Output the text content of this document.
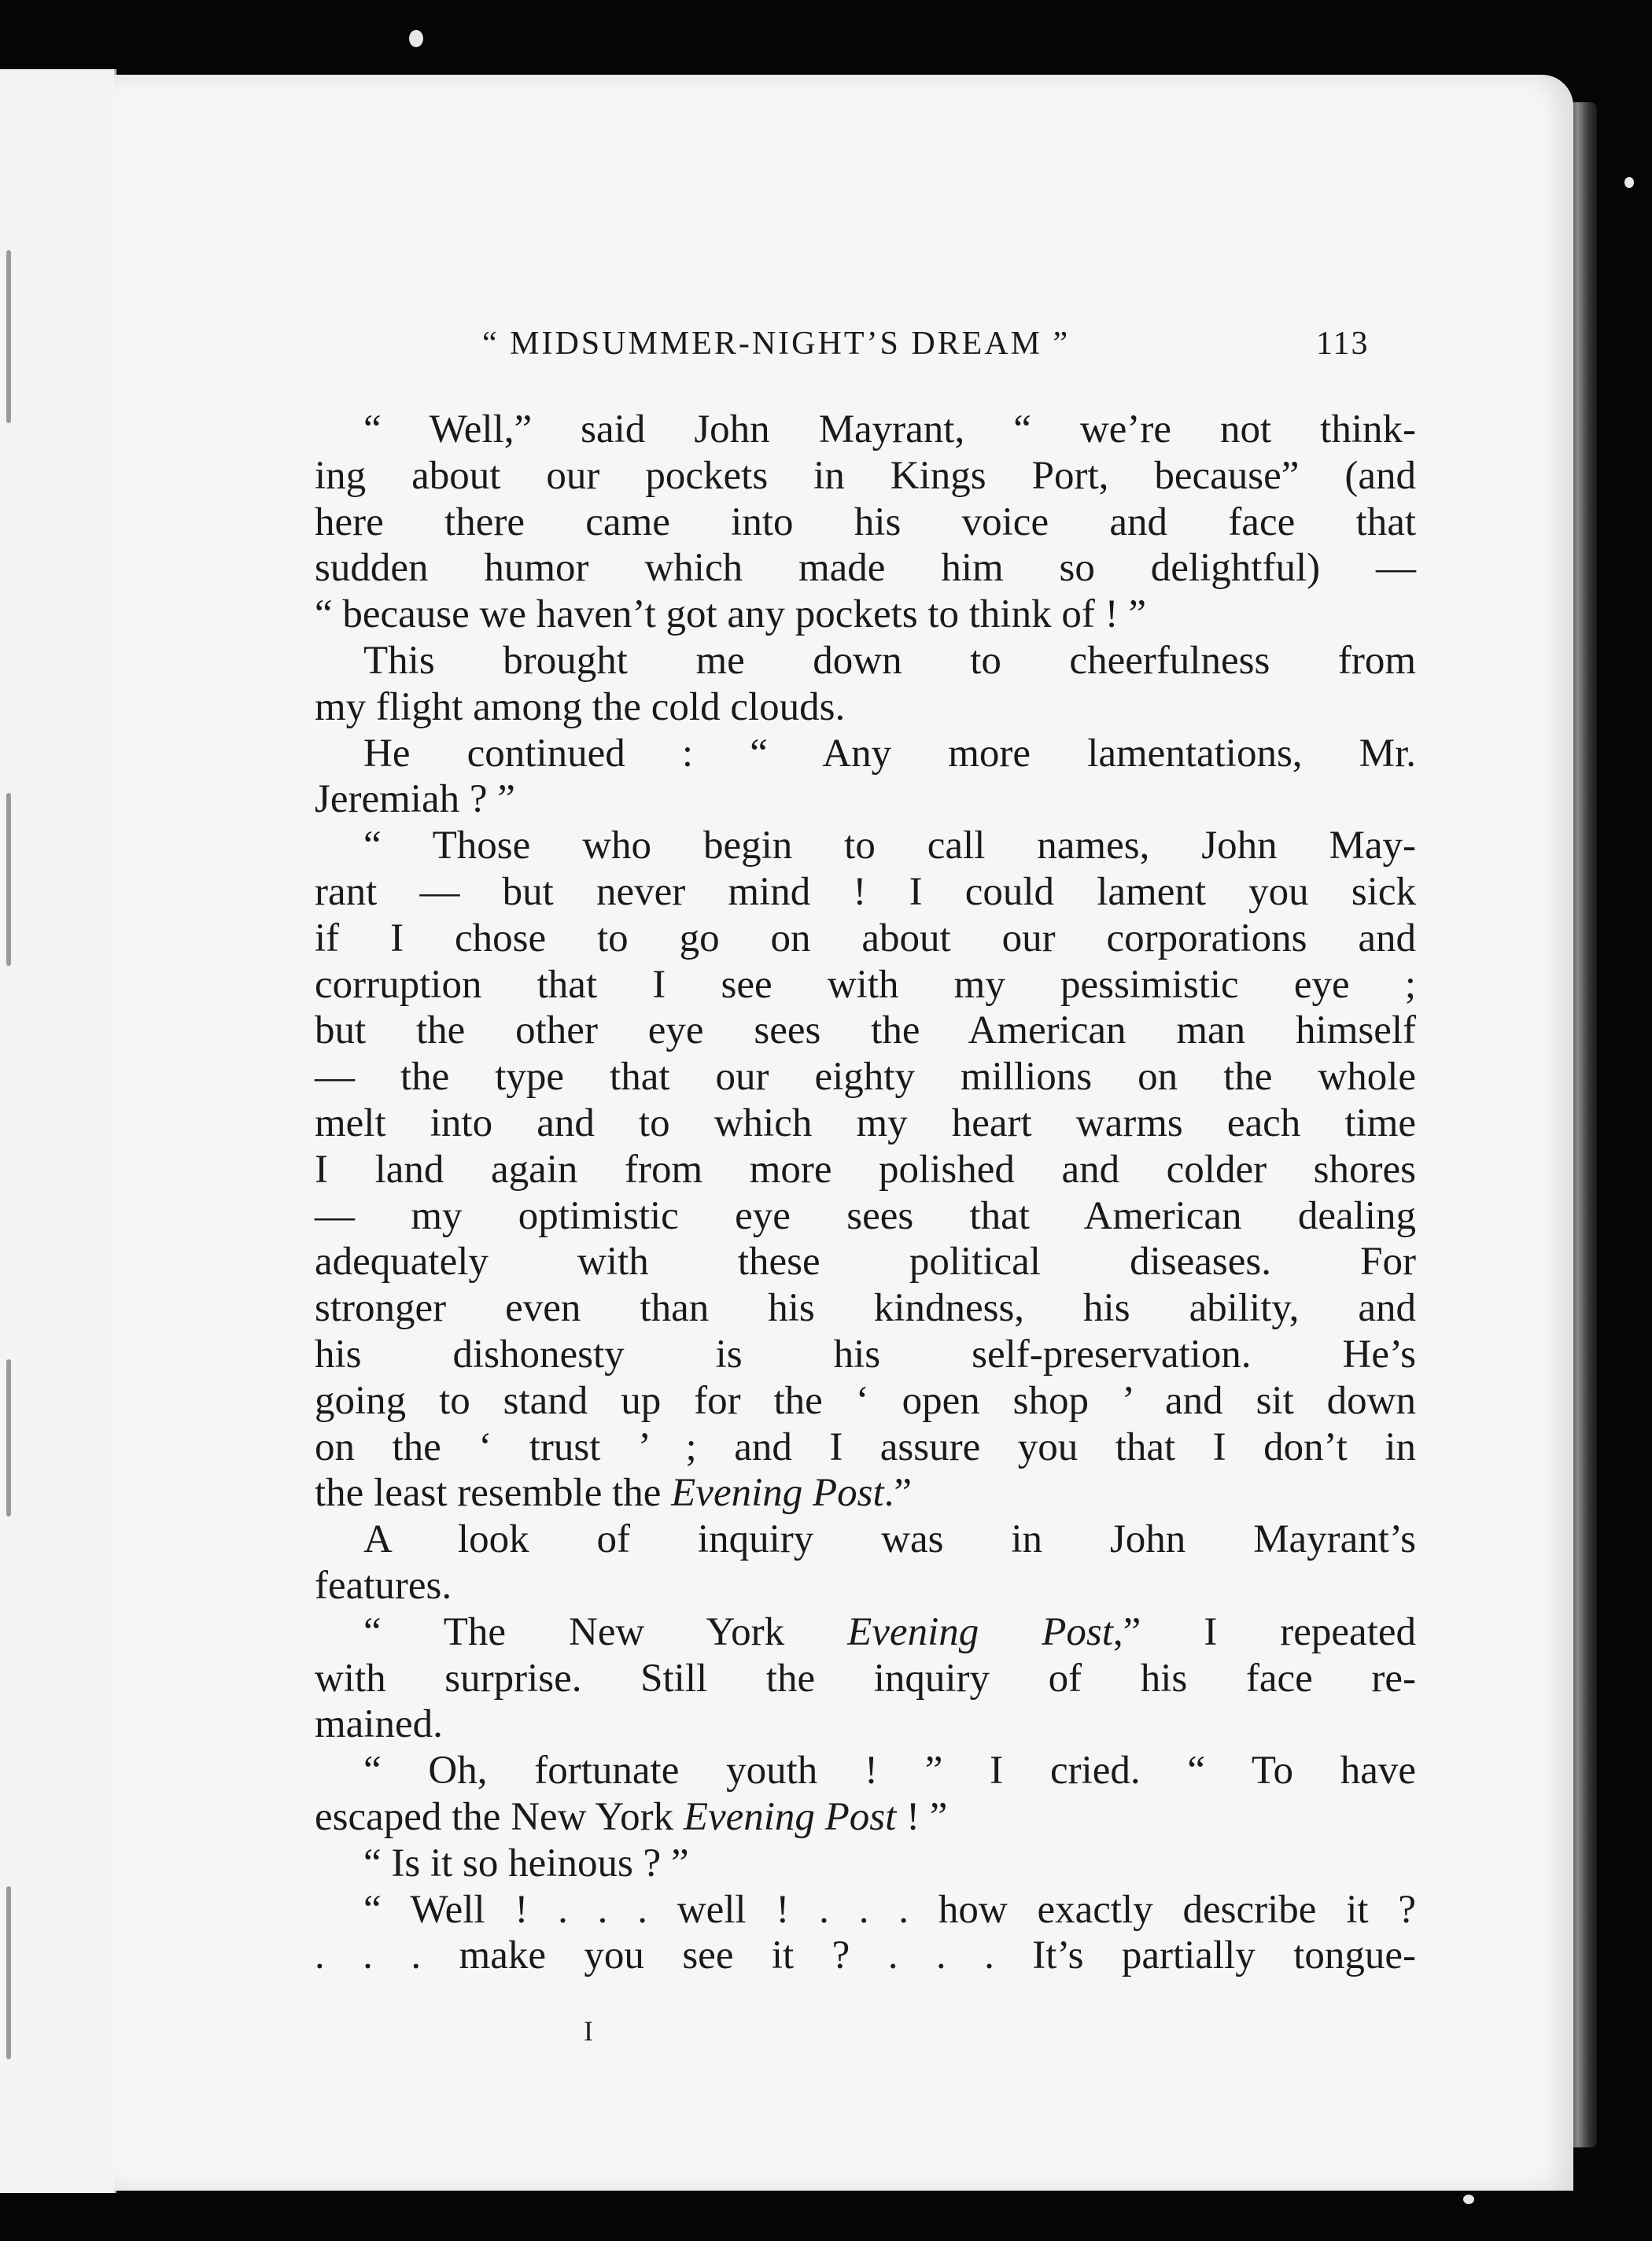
“ MIDSUMMER-NIGHT’S DREAM ”	113
“ Well,” said John Mayrant, “ we’re not think-
ing about our pockets in Kings Port, because” (and
here there came into his voice and face that
sudden humor which made him so delightful) —
“ because we haven’t got any pockets to think of ! ”
This brought me down to cheerfulness from
my flight among the cold clouds.
He continued : “ Any more lamentations, Mr.
Jeremiah ? ”
“ Those who begin to call names, John May-
rant — but never mind ! I could lament you sick
if I chose to go on about our corporations and
corruption that I see with my pessimistic eye ;
but the other eye sees the American man himself
— the type that our eighty millions on the whole
melt into and to which my heart warms each time
I land again from more polished and colder shores
— my optimistic eye sees that American dealing
adequately with these political diseases. For
stronger even than his kindness, his ability, and
his dishonesty is his self-preservation. He’s
going to stand up for the ‘ open shop ’ and sit down
on the ‘ trust ’ ; and I assure you that I don’t in
the least resemble the Evening Post.”
A look of inquiry was in John Mayrant’s
features.
“ The New York Evening Post,” I repeated
with surprise. Still the inquiry of his face re-
mained.
“ Oh, fortunate youth ! ” I cried. “ To have
escaped the New York Evening Post ! ”
“ Is it so heinous ? ”
“ Well ! . . . well ! . . . how exactly describe it ?
. . . make you see it ? . . . It’s partially tongue-
I
